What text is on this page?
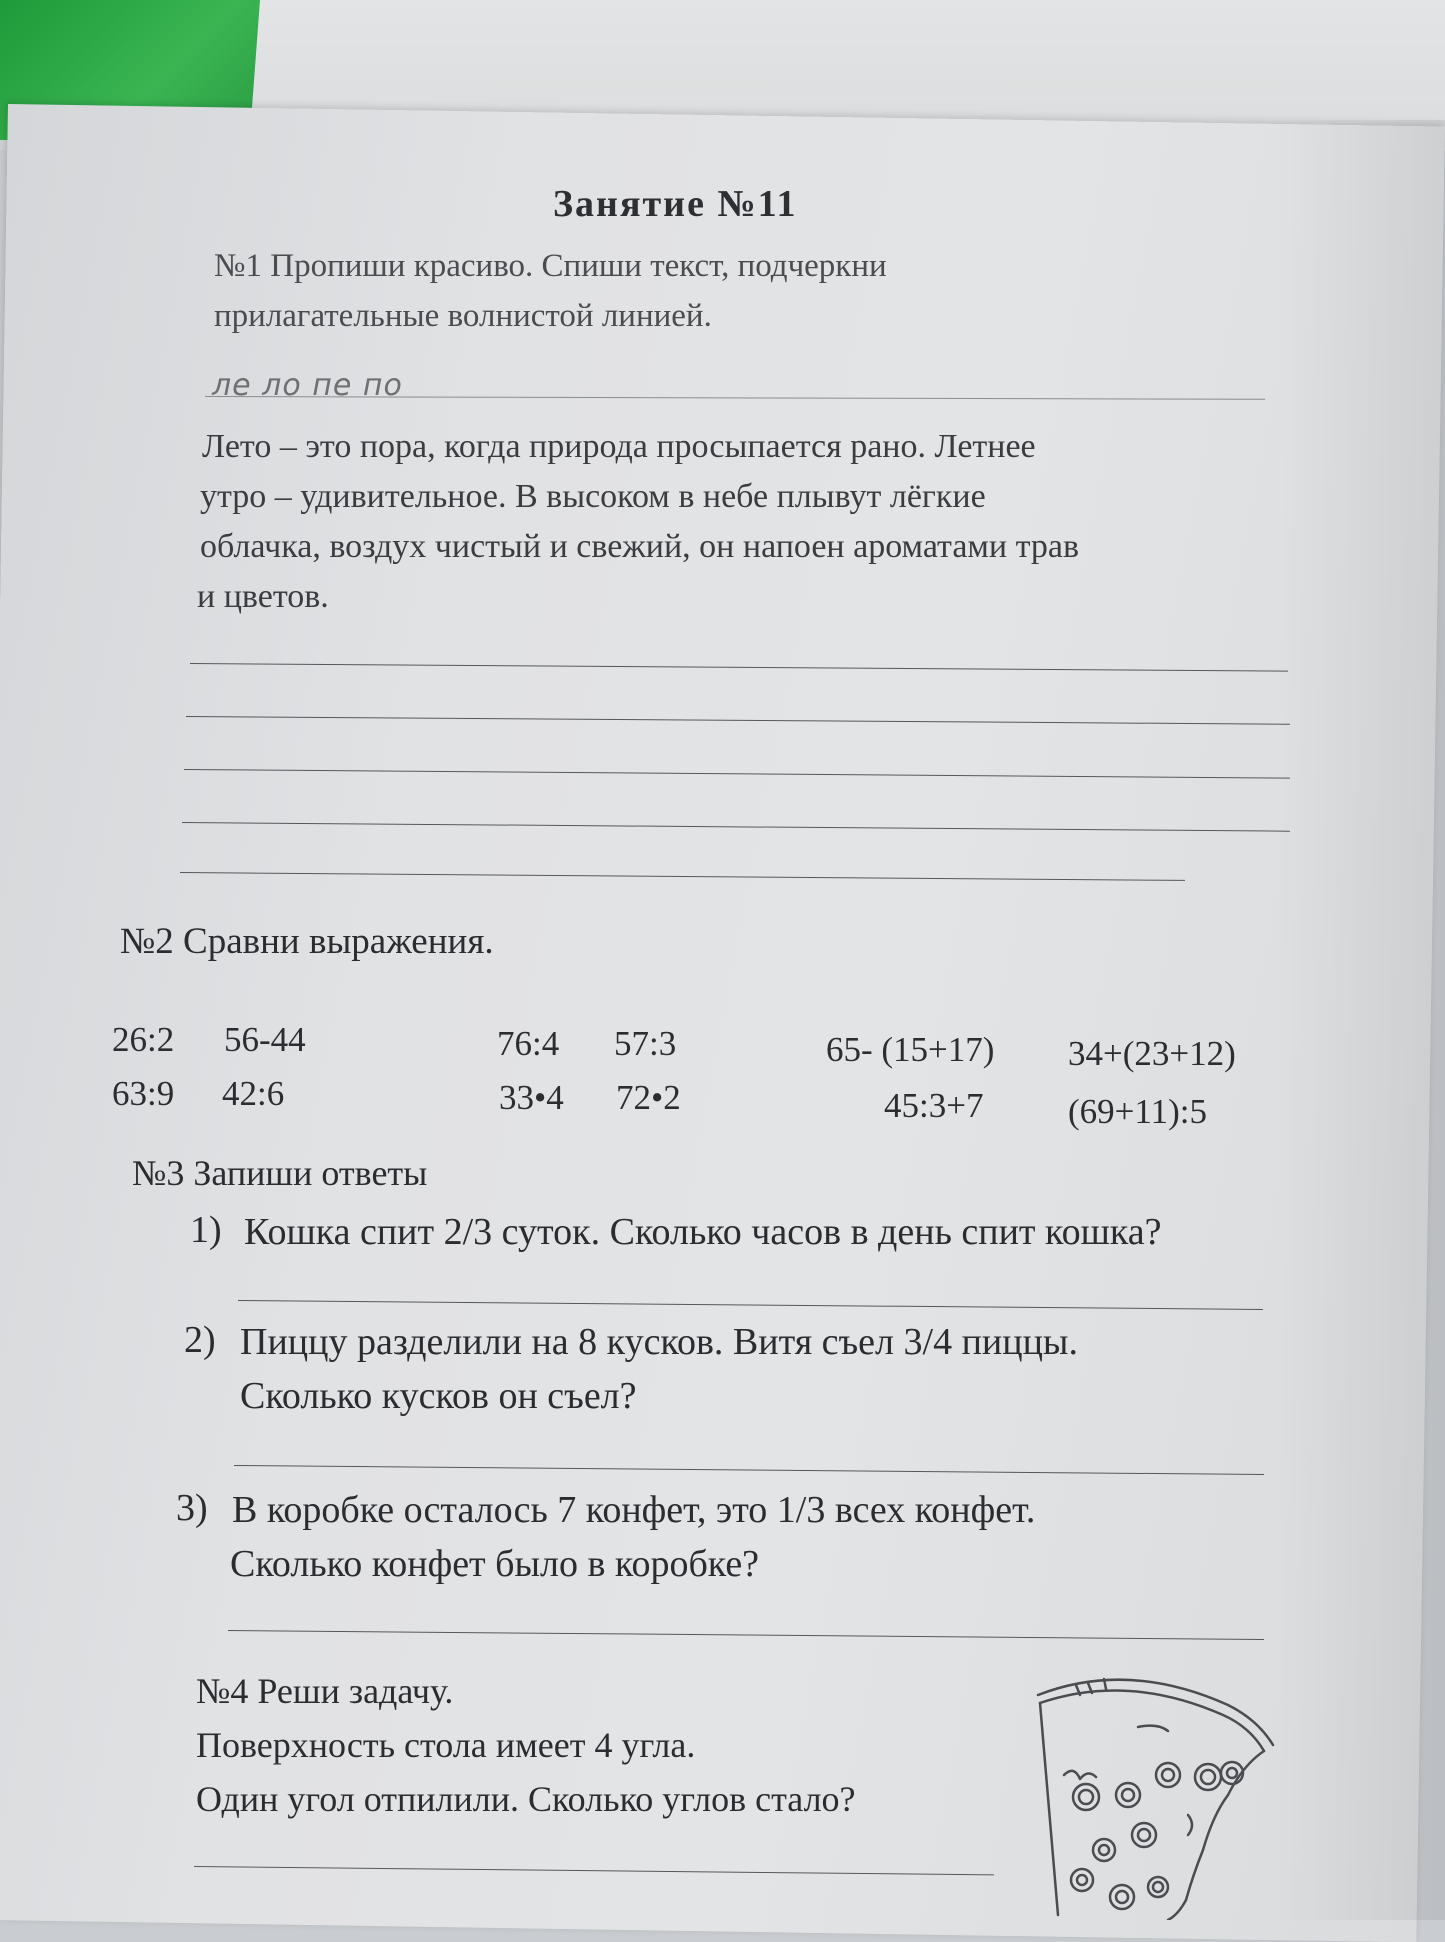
Занятие №11
№1 Пропиши красиво. Спиши текст, подчеркни
прилагательные волнистой линией.
ле ло пе по
Лето – это пора, когда природа просыпается рано. Летнее
утро – удивительное. В высоком в небе плывут лёгкие
облачка, воздух чистый и свежий, он напоен ароматами трав
и цветов.
№2 Сравни выражения.
26:2 56-44
63:9 42:6
76:4 57:3
33•4 72•2
65- (15+17) 34+(23+12)
45:3+7 (69+11):5
№3 Запиши ответы
1) Кошка спит 2/3 суток. Сколько часов в день спит кошка?
2) Пиццу разделили на 8 кусков. Витя съел 3/4 пиццы.
Сколько кусков он съел?
3) В коробке осталось 7 конфет, это 1/3 всех конфет.
Сколько конфет было в коробке?
№4 Реши задачу.
Поверхность стола имеет 4 угла.
Один угол отпилили. Сколько углов стало?
